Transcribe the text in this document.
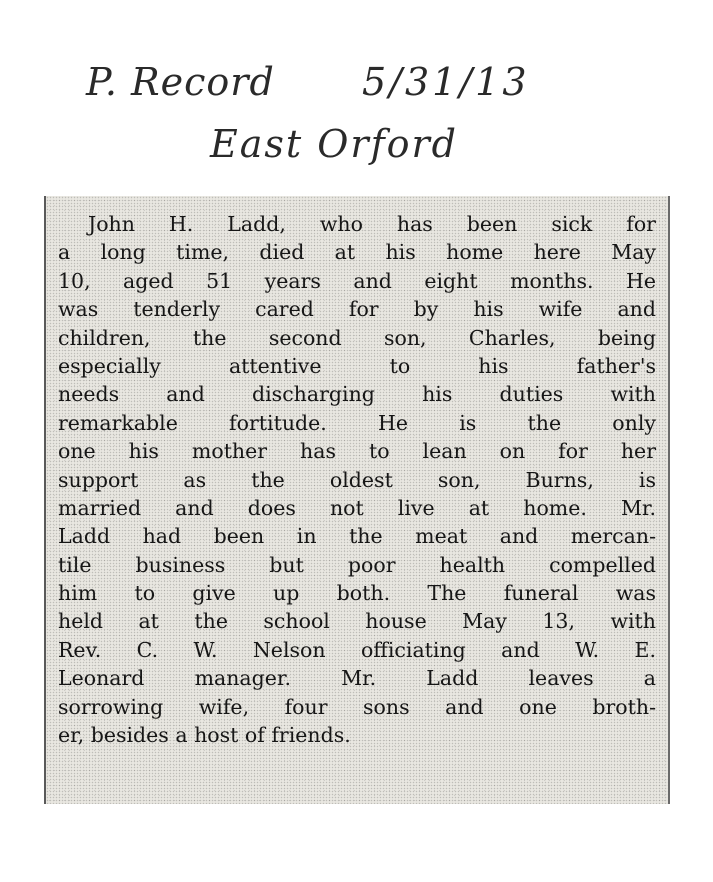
P. Record 5/31/13
East Orford

John H. Ladd, who has been sick for
a long time, died at his home here May
10, aged 51 years and eight months. He
was tenderly cared for by his wife and
children, the second son, Charles, being
especially attentive to his father's
needs and discharging his duties with
remarkable fortitude. He is the only
one his mother has to lean on for her
support as the oldest son, Burns, is
married and does not live at home. Mr.
Ladd had been in the meat and mercan-
tile business but poor health compelled
him to give up both. The funeral was
held at the school house May 13, with
Rev. C. W. Nelson officiating and W. E.
Leonard manager. Mr. Ladd leaves a
sorrowing wife, four sons and one broth-
er, besides a host of friends.
